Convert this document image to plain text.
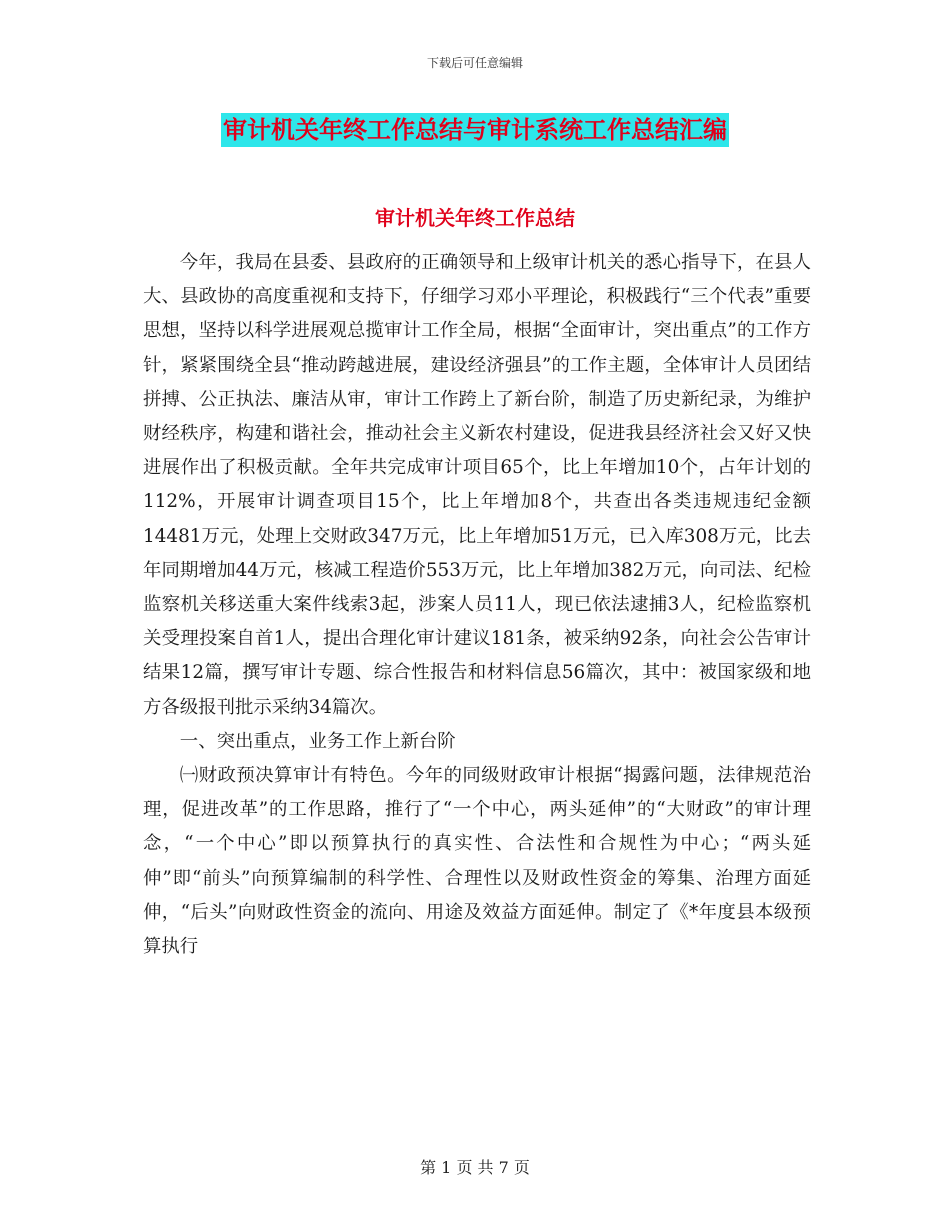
下载后可任意编辑
审计机关年终工作总结与审计系统工作总结汇编
审计机关年终工作总结

今年，我局在县委、县政府的正确领导和上级审计机关的悉心指导下，在县人大、县政协的高度重视和支持下，仔细学习邓小平理论，积极践行“三个代表”重要思想，坚持以科学进展观总揽审计工作全局，根据“全面审计，突出重点”的工作方针，紧紧围绕全县“推动跨越进展，建设经济强县”的工作主题，全体审计人员团结拼搏、公正执法、廉洁从审，审计工作跨上了新台阶，制造了历史新纪录，为维护财经秩序，构建和谐社会，推动社会主义新农村建设，促进我县经济社会又好又快进展作出了积极贡献。全年共完成审计项目65个，比上年增加10个，占年计划的112%，开展审计调查项目15个，比上年增加8个，共查出各类违规违纪金额14481万元，处理上交财政347万元，比上年增加51万元，已入库308万元，比去年同期增加44万元，核减工程造价553万元，比上年增加382万元，向司法、纪检监察机关移送重大案件线索3起，涉案人员11人，现已依法逮捕3人，纪检监察机关受理投案自首1人，提出合理化审计建议181条，被采纳92条，向社会公告审计结果12篇，撰写审计专题、综合性报告和材料信息56篇次，其中：被国家级和地方各级报刊批示采纳34篇次。

一、突出重点，业务工作上新台阶

㈠财政预决算审计有特色。今年的同级财政审计根据“揭露问题，法律规范治理，促进改革”的工作思路，推行了“一个中心，两头延伸”的“大财政”的审计理念，“一个中心”即以预算执行的真实性、合法性和合规性为中心；“两头延伸”即“前头”向预算编制的科学性、合理性以及财政性资金的筹集、治理方面延伸，“后头”向财政性资金的流向、用途及效益方面延伸。制定了《*年度县本级预算执行

第 1 页 共 7 页
